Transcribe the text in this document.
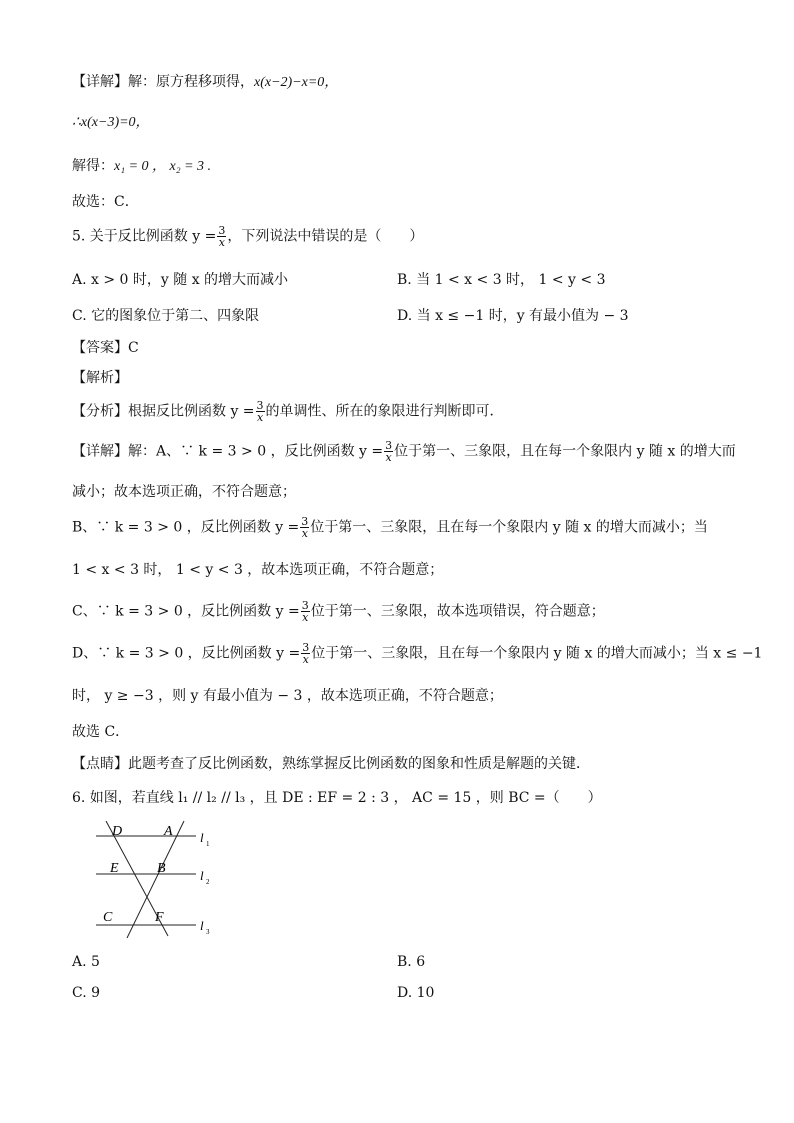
【详解】解：原方程移项得，x(x−2)−x=0，
∴x(x−3)=0，
解得：x₁ = 0 ， x₂ = 3 .
故选：C．
5. 关于反比例函数 $y = \frac{3}{x}$ ，下列说法中错误的是（　　）
A. x > 0 时，y 随 x 的增大而减小	B. 当 1 < x < 3 时， 1 < y < 3
C. 它的图象位于第二、四象限	D. 当 x ≤ −1 时，y 有最小值为 − 3
【答案】C
【解析】
【分析】根据反比例函数 $y = \frac{3}{x}$ 的单调性、所在的象限进行判断即可．
【详解】解：A、∵ k = 3 > 0 ，反比例函数 $y = \frac{3}{x}$ 位于第一、三象限，且在每一个象限内 y 随 x 的增大而
减小；故本选项正确，不符合题意；
B、∵ k = 3 > 0 ，反比例函数 $y = \frac{3}{x}$ 位于第一、三象限，且在每一个象限内 y 随 x 的增大而减小；当
1 < x < 3 时， 1 < y < 3 ，故本选项正确，不符合题意；
C、∵ k = 3 > 0 ，反比例函数 $y = \frac{3}{x}$ 位于第一、三象限，故本选项错误，符合题意；
D、∵ k = 3 > 0 ，反比例函数 $y = \frac{3}{x}$ 位于第一、三象限，且在每一个象限内 y 随 x 的增大而减小；当 x ≤ −1
时， y ≥ −3 ，则 y 有最小值为 − 3 ，故本选项正确，不符合题意；
故选 C．
【点睛】此题考查了反比例函数，熟练掌握反比例函数的图象和性质是解题的关键．
6. 如图，若直线 l₁ // l₂ // l₃ ，且 DE : EF = 2 : 3 ， AC = 15 ，则 BC =（　　）
D	A
E	B
C	F
l 1
l 2
l 3
A. 5	B. 6
C. 9	D. 10
